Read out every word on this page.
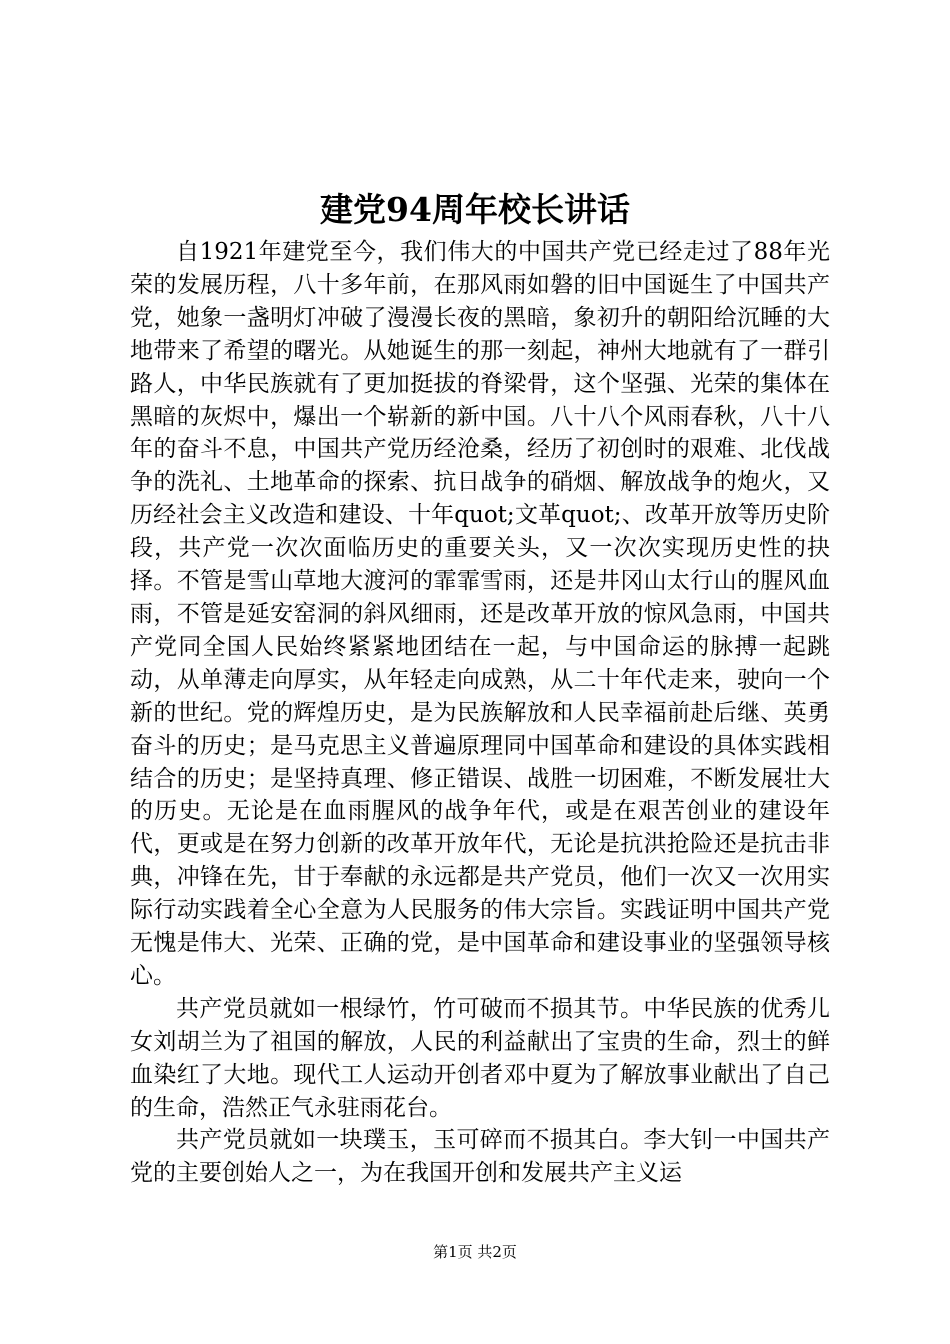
建党94周年校长讲话

自1921年建党至今，我们伟大的中国共产党已经走过了88年光荣的发展历程，八十多年前，在那风雨如磐的旧中国诞生了中国共产党，她象一盏明灯冲破了漫漫长夜的黑暗，象初升的朝阳给沉睡的大地带来了希望的曙光。从她诞生的那一刻起，神州大地就有了一群引路人，中华民族就有了更加挺拔的脊梁骨，这个坚强、光荣的集体在黑暗的灰烬中，爆出一个崭新的新中国。八十八个风雨春秋，八十八年的奋斗不息，中国共产党历经沧桑，经历了初创时的艰难、北伐战争的洗礼、土地革命的探索、抗日战争的硝烟、解放战争的炮火，又历经社会主义改造和建设、十年quot;文革quot;、改革开放等历史阶段，共产党一次次面临历史的重要关头，又一次次实现历史性的抉择。不管是雪山草地大渡河的霏霏雪雨，还是井冈山太行山的腥风血雨，不管是延安窑洞的斜风细雨，还是改革开放的惊风急雨，中国共产党同全国人民始终紧紧地团结在一起，与中国命运的脉搏一起跳动，从单薄走向厚实，从年轻走向成熟，从二十年代走来，驶向一个新的世纪。党的辉煌历史，是为民族解放和人民幸福前赴后继、英勇奋斗的历史；是马克思主义普遍原理同中国革命和建设的具体实践相结合的历史；是坚持真理、修正错误、战胜一切困难，不断发展壮大的历史。无论是在血雨腥风的战争年代，或是在艰苦创业的建设年代，更或是在努力创新的改革开放年代，无论是抗洪抢险还是抗击非典，冲锋在先，甘于奉献的永远都是共产党员，他们一次又一次用实际行动实践着全心全意为人民服务的伟大宗旨。实践证明中国共产党无愧是伟大、光荣、正确的党，是中国革命和建设事业的坚强领导核心。

共产党员就如一根绿竹，竹可破而不损其节。中华民族的优秀儿女刘胡兰为了祖国的解放，人民的利益献出了宝贵的生命，烈士的鲜血染红了大地。现代工人运动开创者邓中夏为了解放事业献出了自己的生命，浩然正气永驻雨花台。

共产党员就如一块璞玉，玉可碎而不损其白。李大钊一中国共产党的主要创始人之一，为在我国开创和发展共产主义运

第1页 共2页
